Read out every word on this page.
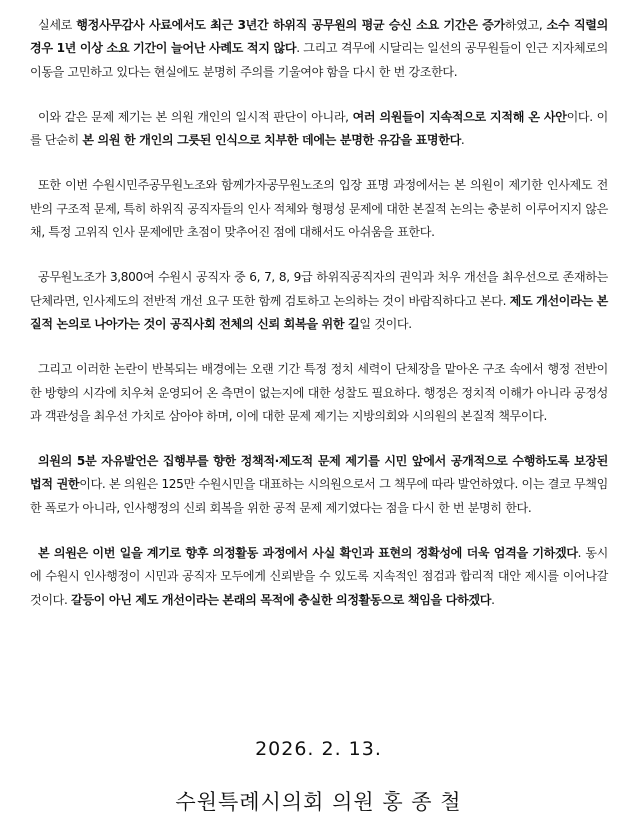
실세로 행정사무감사 사료에서도 최근 3년간 하위직 공무원의 평균 승신 소요 기간은 증가하였고, 소수 직렬의 경우 1년 이상 소요 기간이 늘어난 사례도 적지 않다. 그리고 격무에 시달리는 일선의 공무원들이 인근 지자체로의 이동을 고민하고 있다는 현실에도 분명히 주의를 기울여야 함을 다시 한 번 강조한다.

이와 같은 문제 제기는 본 의원 개인의 일시적 판단이 아니라, 여러 의원들이 지속적으로 지적해 온 사안이다. 이를 단순히 본 의원 한 개인의 그릇된 인식으로 치부한 데에는 분명한 유감을 표명한다.

또한 이번 수원시민주공무원노조와 함께가자공무원노조의 입장 표명 과정에서는 본 의원이 제기한 인사제도 전반의 구조적 문제, 특히 하위직 공직자들의 인사 적체와 형평성 문제에 대한 본질적 논의는 충분히 이루어지지 않은 채, 특정 고위직 인사 문제에만 초점이 맞추어진 점에 대해서도 아쉬움을 표한다.

공무원노조가 3,800여 수원시 공직자 중 6, 7, 8, 9급 하위직공직자의 권익과 처우 개선을 최우선으로 존재하는 단체라면, 인사제도의 전반적 개선 요구 또한 함께 검토하고 논의하는 것이 바람직하다고 본다. 제도 개선이라는 본질적 논의로 나아가는 것이 공직사회 전체의 신뢰 회복을 위한 길일 것이다.

그리고 이러한 논란이 반복되는 배경에는 오랜 기간 특정 정치 세력이 단체장을 맡아온 구조 속에서 행정 전반이 한 방향의 시각에 치우쳐 운영되어 온 측면이 없는지에 대한 성찰도 필요하다. 행정은 정치적 이해가 아니라 공정성과 객관성을 최우선 가치로 삼아야 하며, 이에 대한 문제 제기는 지방의회와 시의원의 본질적 책무이다.

의원의 5분 자유발언은 집행부를 향한 정책적·제도적 문제 제기를 시민 앞에서 공개적으로 수행하도록 보장된 법적 권한이다. 본 의원은 125만 수원시민을 대표하는 시의원으로서 그 책무에 따라 발언하였다. 이는 결코 무책임한 폭로가 아니라, 인사행정의 신뢰 회복을 위한 공적 문제 제기였다는 점을 다시 한 번 분명히 한다.

본 의원은 이번 일을 계기로 향후 의정활동 과정에서 사실 확인과 표현의 정확성에 더욱 엄격을 기하겠다. 동시에 수원시 인사행정이 시민과 공직자 모두에게 신뢰받을 수 있도록 지속적인 점검과 합리적 대안 제시를 이어나갈 것이다. 갈등이 아닌 제도 개선이라는 본래의 목적에 충실한 의정활동으로 책임을 다하겠다.

2026. 2. 13.
수원특례시의회 의원 홍 종 철
